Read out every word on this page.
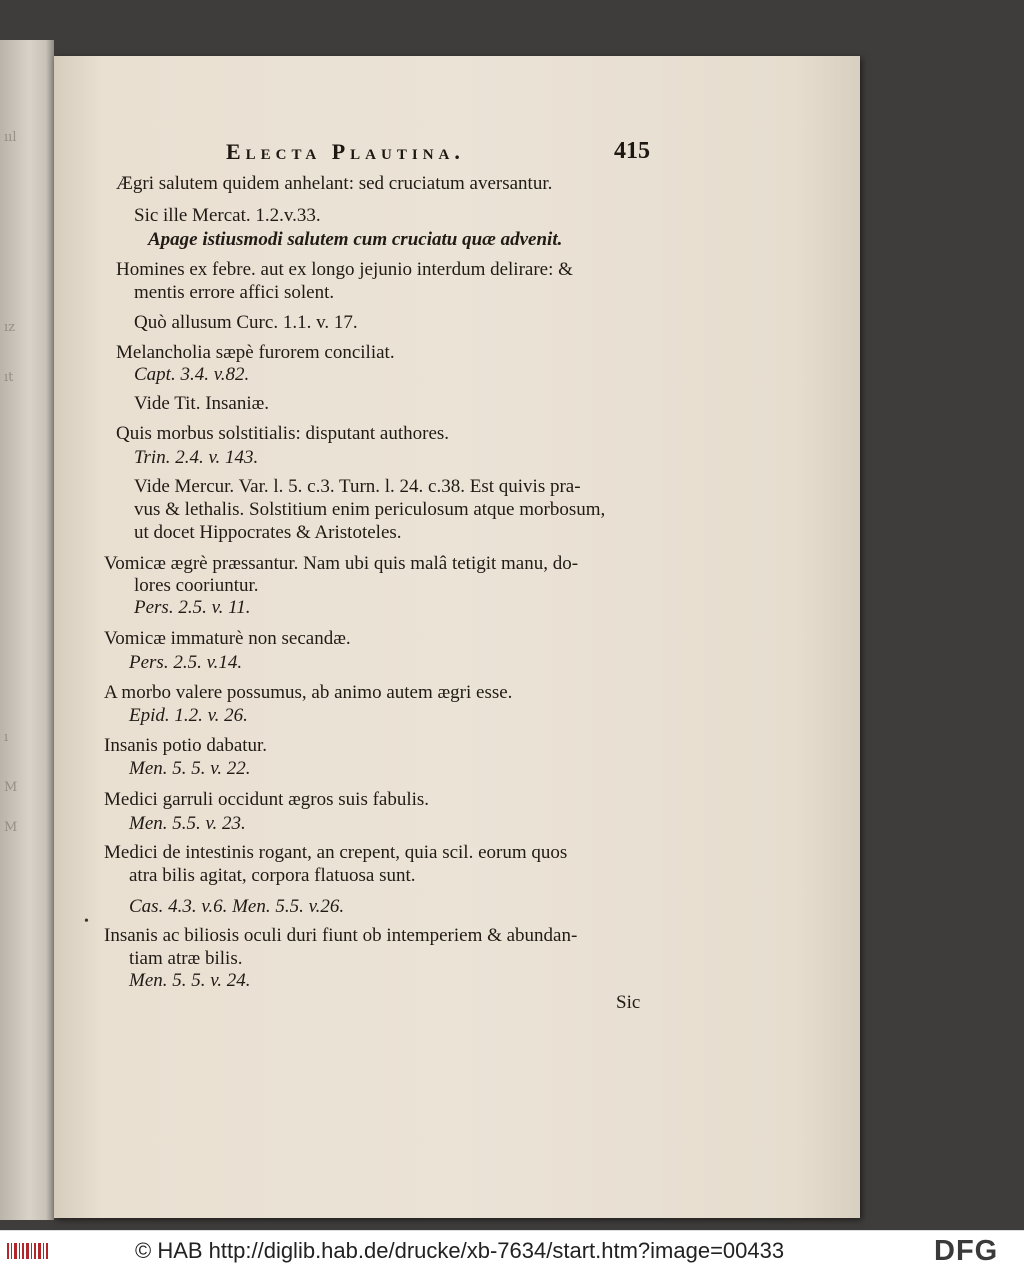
ııl
ız
ıt
ı
M
M
Electa Plautina.	415
Ægri salutem quidem anhelant: sed cruciatum aversantur.
Sic ille Mercat. 1.2.v.33.
Apage istiusmodi salutem cum cruciatu quæ advenit.
Homines ex febre. aut ex longo jejunio interdum delirare: &
mentis errore affici solent.
Quò allusum Curc. 1.1. v. 17.
Melancholia sæpè furorem conciliat.
Capt. 3.4. v.82.
Vide Tit. Insaniæ.
Quis morbus solstitialis: disputant authores.
Trin. 2.4. v. 143.
Vide Mercur. Var. l. 5. c.3. Turn. l. 24. c.38. Est quivis pra-
vus & lethalis. Solstitium enim periculosum atque morbosum,
ut docet Hippocrates & Aristoteles.
Vomicæ ægrè præssantur. Nam ubi quis malâ tetigit manu, do-
lores cooriuntur.
Pers. 2.5. v. 11.
Vomicæ immaturè non secandæ.
Pers. 2.5. v.14.
A morbo valere possumus, ab animo autem ægri esse.
Epid. 1.2. v. 26.
Insanis potio dabatur.
Men. 5. 5. v. 22.
Medici garruli occidunt ægros suis fabulis.
Men. 5.5. v. 23.
Medici de intestinis rogant, an crepent, quia scil. eorum quos
atra bilis agitat, corpora flatuosa sunt.
Cas. 4.3. v.6. Men. 5.5. v.26.
•
Insanis ac biliosis oculi duri fiunt ob intemperiem & abundan-
tiam atræ bilis.
Men. 5. 5. v. 24.
Sic
© HAB http://diglib.hab.de/drucke/xb-7634/start.htm?image=00433	DFG
